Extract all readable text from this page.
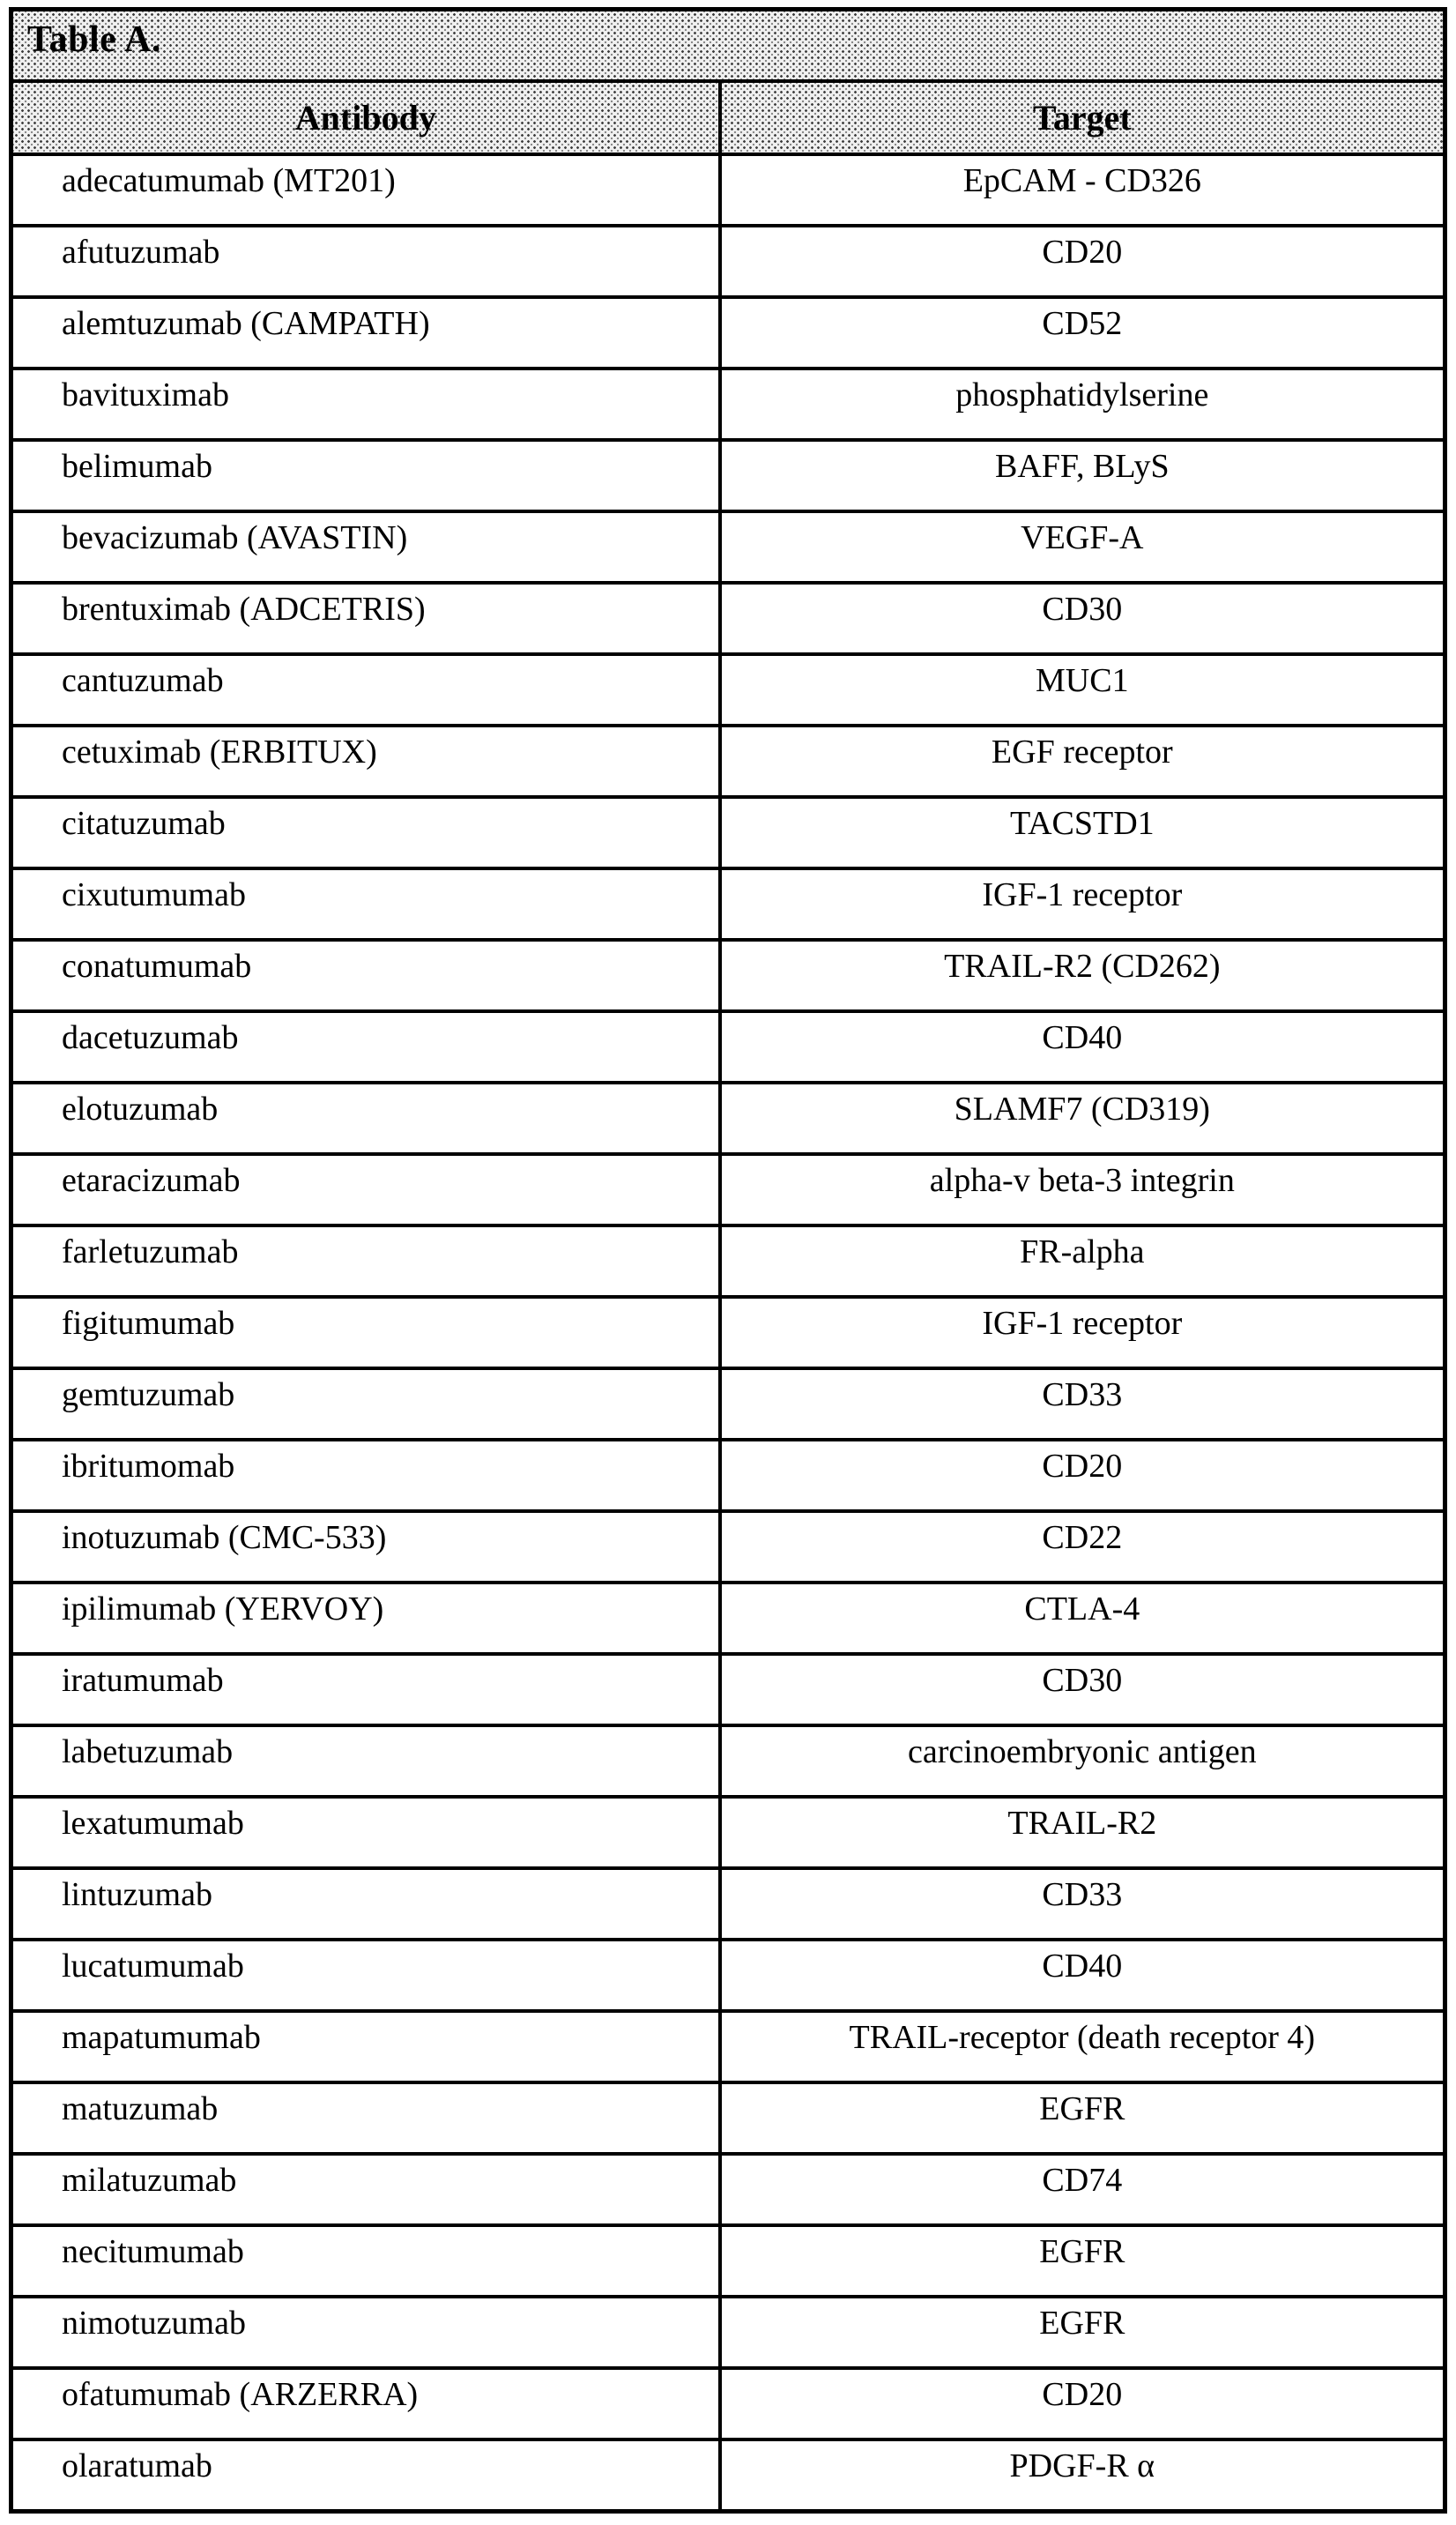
Table A.
Antibody	Target
adecatumumab (MT201)	EpCAM - CD326
afutuzumab	CD20
alemtuzumab (CAMPATH)	CD52
bavituximab	phosphatidylserine
belimumab	BAFF, BLyS
bevacizumab (AVASTIN)	VEGF-A
brentuximab (ADCETRIS)	CD30
cantuzumab	MUC1
cetuximab (ERBITUX)	EGF receptor
citatuzumab	TACSTD1
cixutumumab	IGF-1 receptor
conatumumab	TRAIL-R2 (CD262)
dacetuzumab	CD40
elotuzumab	SLAMF7 (CD319)
etaracizumab	alpha-v beta-3 integrin
farletuzumab	FR-alpha
figitumumab	IGF-1 receptor
gemtuzumab	CD33
ibritumomab	CD20
inotuzumab (CMC-533)	CD22
ipilimumab (YERVOY)	CTLA-4
iratumumab	CD30
labetuzumab	carcinoembryonic antigen
lexatumumab	TRAIL-R2
lintuzumab	CD33
lucatumumab	CD40
mapatumumab	TRAIL-receptor (death receptor 4)
matuzumab	EGFR
milatuzumab	CD74
necitumumab	EGFR
nimotuzumab	EGFR
ofatumumab (ARZERRA)	CD20
olaratumab	PDGF-R α
